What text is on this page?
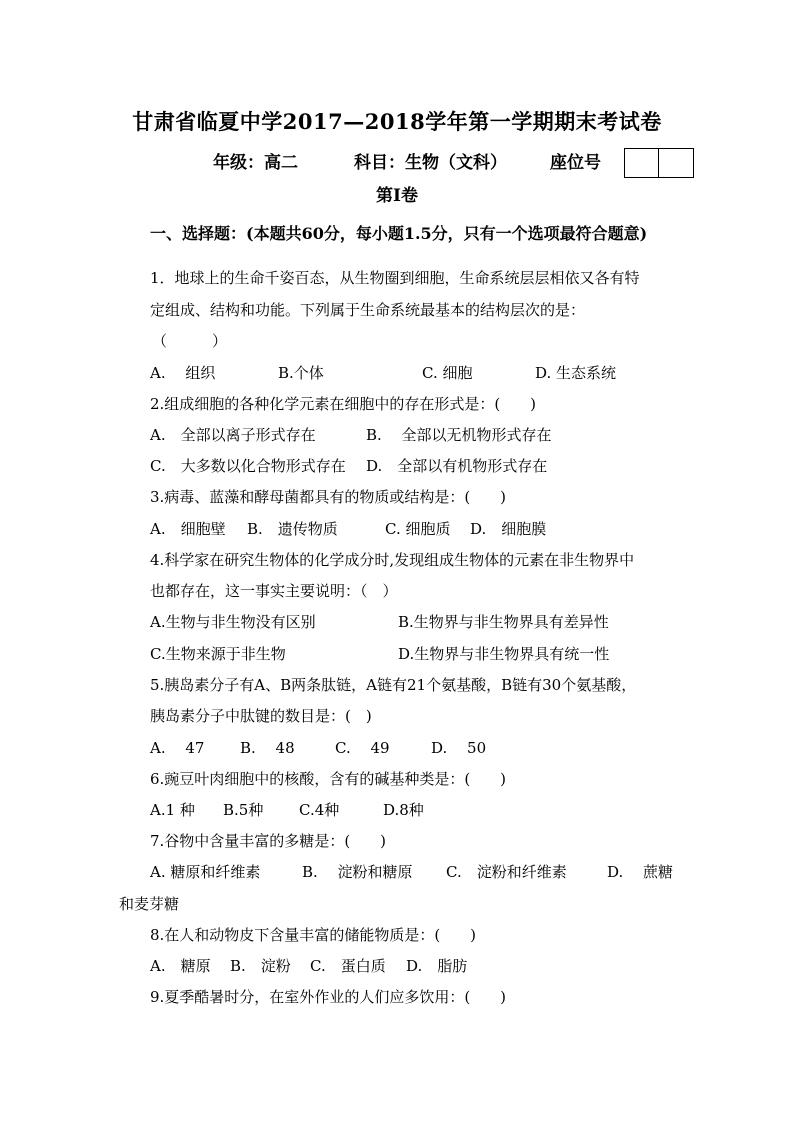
甘肃省临夏中学2017—2018学年第一学期期末考试卷
年级：高二	科目：生物（文科）	座位号
第Ⅰ卷
一、选择题：(本题共60分，每小题1.5分，只有一个选项最符合题意)
1．地球上的生命千姿百态，从生物圈到细胞，生命系统层层相依又各有特
定组成、结构和功能。下列属于生命系统最基本的结构层次的是：
（　　　）
A.　 组织	B.个体	C. 细胞	D. 生态系统
2.组成细胞的各种化学元素在细胞中的存在形式是：(　　)
A.　全部以离子形式存在	B.　 全部以无机物形式存在
C.　大多数以化合物形式存在 D.　全部以有机物形式存在
3.病毒、蓝藻和酵母菌都具有的物质或结构是：(　　)
A.　细胞壁 B.　遗传物质	C. 细胞质 D.　细胞膜
4.科学家在研究生物体的化学成分时,发现组成生物体的元素在非生物界中
也都存在，这一事实主要说明：（　）
A.生物与非生物没有区别	B.生物界与非生物界具有差异性
C.生物来源于非生物	D.生物界与非生物界具有统一性
5.胰岛素分子有A、B两条肽链，A链有21个氨基酸，B链有30个氨基酸，
胰岛素分子中肽键的数目是：(　)
A.　 47 B.　 48	C.　 49	D.　 50
6.豌豆叶肉细胞中的核酸，含有的碱基种类是：(　　)
A.1 种 B.5种 C.4种	D.8种
7.谷物中含量丰富的多糖是：(　　)
A. 糖原和纤维素	B.　 淀粉和糖原 C.　淀粉和纤维素	D.　 蔗糖
和麦芽糖
8.在人和动物皮下含量丰富的储能物质是：(　　)
A.　糖原 B.　淀粉 C.　蛋白质 D.　脂肪
9.夏季酷暑时分，在室外作业的人们应多饮用：(　　)
